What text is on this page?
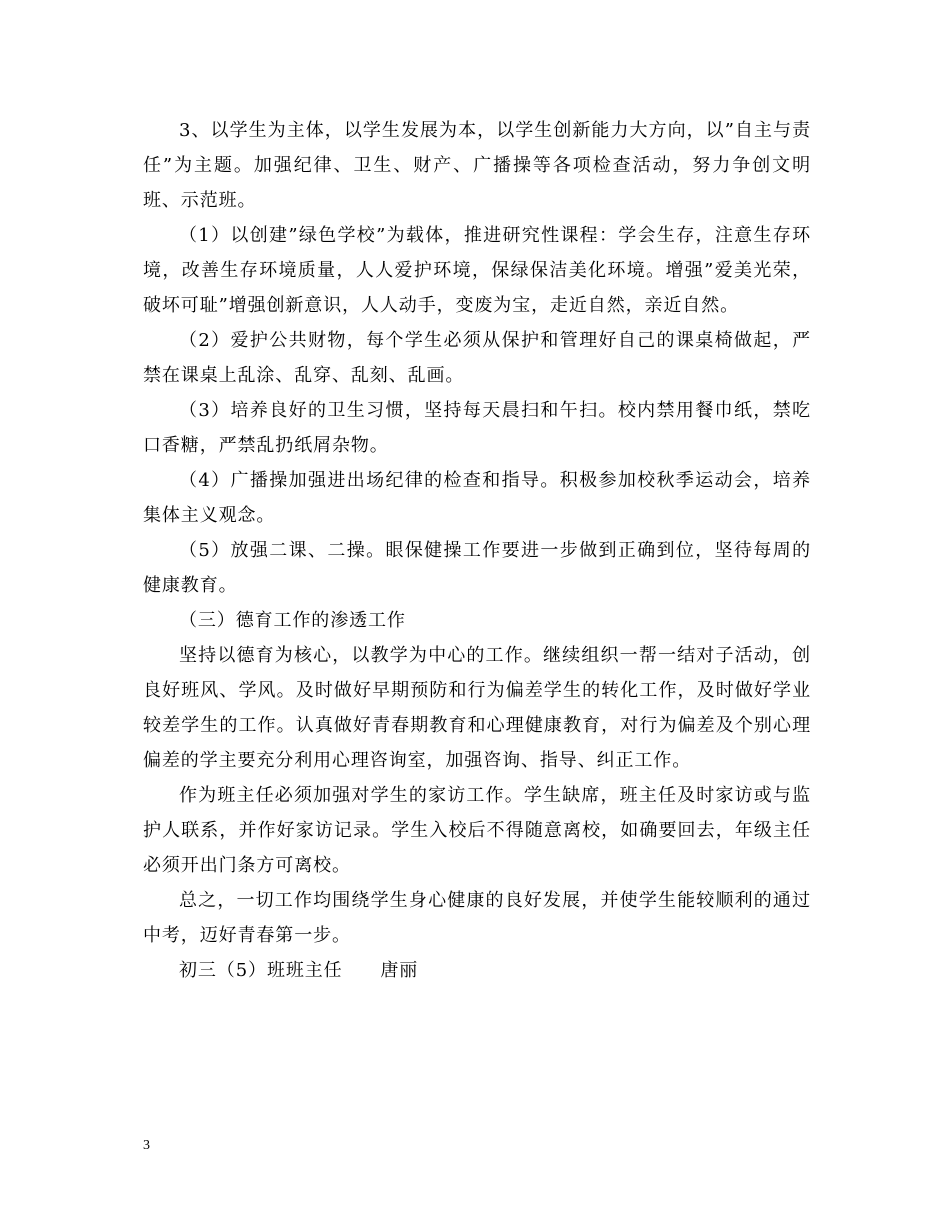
3、以学生为主体，以学生发展为本，以学生创新能力大方向，以”自主与责任”为主题。加强纪律、卫生、财产、广播操等各项检查活动，努力争创文明班、示范班。

（1）以创建”绿色学校”为载体，推进研究性课程：学会生存，注意生存环境，改善生存环境质量，人人爱护环境，保绿保洁美化环境。增强”爱美光荣，破坏可耻”增强创新意识，人人动手，变废为宝，走近自然，亲近自然。

（2）爱护公共财物，每个学生必须从保护和管理好自己的课桌椅做起，严禁在课桌上乱涂、乱穿、乱刻、乱画。

（3）培养良好的卫生习惯，坚持每天晨扫和午扫。校内禁用餐巾纸，禁吃口香糖，严禁乱扔纸屑杂物。

（4）广播操加强进出场纪律的检查和指导。积极参加校秋季运动会，培养集体主义观念。

（5）放强二课、二操。眼保健操工作要进一步做到正确到位，坚待每周的健康教育。

（三）德育工作的渗透工作

坚持以德育为核心，以教学为中心的工作。继续组织一帮一结对子活动，创良好班风、学风。及时做好早期预防和行为偏差学生的转化工作，及时做好学业较差学生的工作。认真做好青春期教育和心理健康教育，对行为偏差及个别心理偏差的学主要充分利用心理咨询室，加强咨询、指导、纠正工作。

作为班主任必须加强对学生的家访工作。学生缺席，班主任及时家访或与监护人联系，并作好家访记录。学生入校后不得随意离校，如确要回去，年级主任必须开出门条方可离校。

总之，一切工作均围绕学生身心健康的良好发展，并使学生能较顺利的通过中考，迈好青春第一步。

初三（5）班班主任　　唐丽

3
